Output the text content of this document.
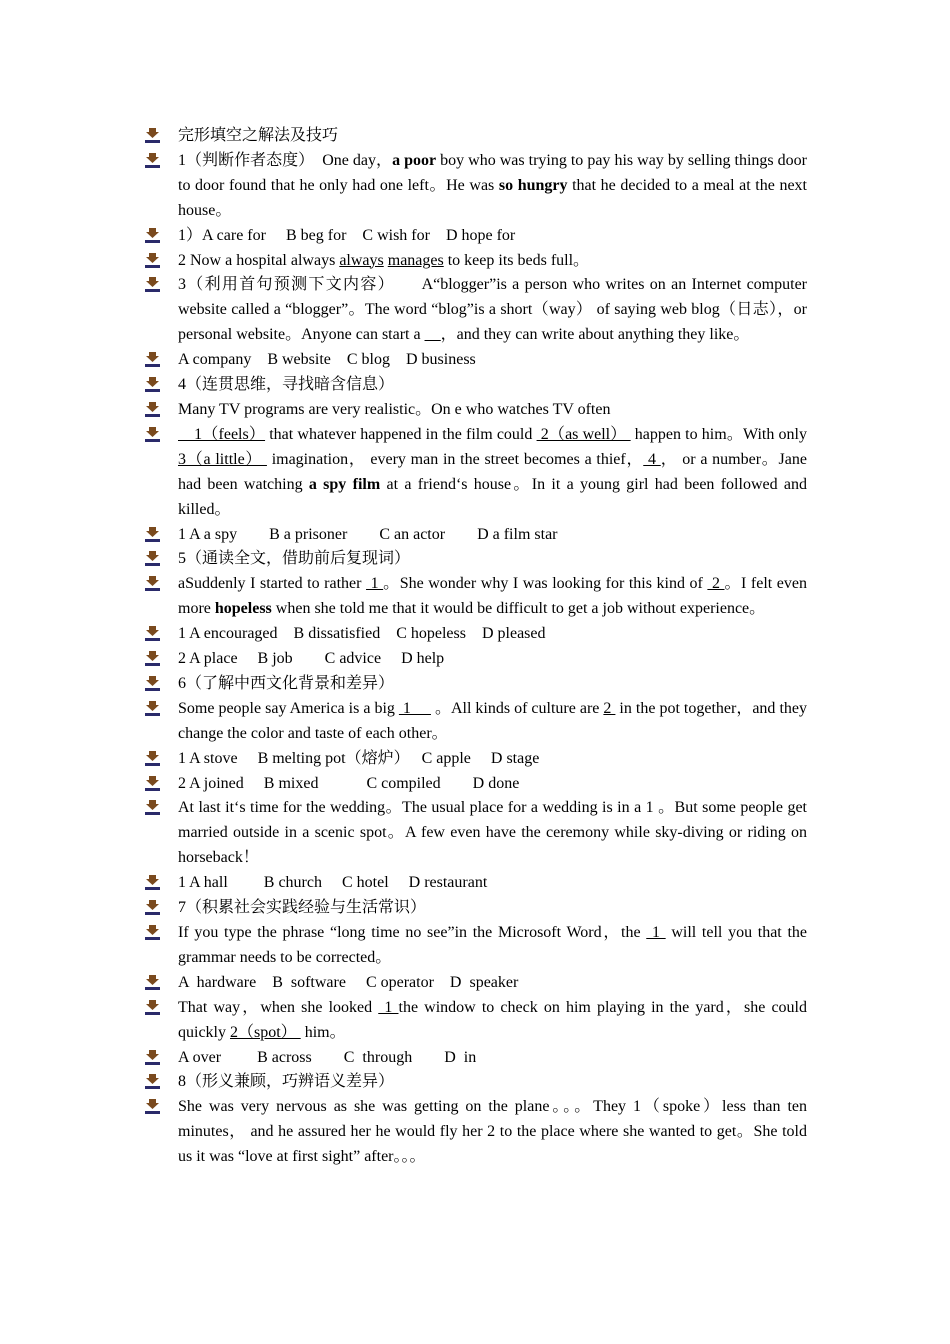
完形填空之解法及技巧
1（判断作者态度）　One day，a poor boy who was trying to pay his way by selling things door to door found that he only had one left。He was so hungry that he decided to a meal at the next house。
1）A care for　 B beg for　C wish for　D hope for
2 Now a hospital always always manages to keep its beds full。
3（利用首句预测下文内容）　　A“blogger”is a person who writes on an Internet computer website called a “blogger”。The word “blog”is a short（way） of saying web blog（日志），or personal website。Anyone can start a __，and they can write about anything they like。
A company　B website　C blog　D business
4（连贯思维，寻找暗含信息）
Many TV programs are very realistic。On e who watches TV often
　1（feels） that whatever happened in the film could  2（as well）  happen to him。With only 3（a little）  imagination， every man in the street becomes a thief， 4 ， or a number。Jane had been watching a spy film at a friend‘s house。In it a young girl had been followed and killed。
1 A a spy　　B a prisoner　　C an actor　　D a film star
5（通读全文，借助前后复现词）
aSuddenly I started to rather  1 。She wonder why I was looking for this kind of  2 。I felt even more hopeless when she told me that it would be difficult to get a job without experience。
1 A encouraged　B dissatisfied　C hopeless　D pleased
2 A place　 B job　　C advice　 D help
6（了解中西文化背景和差异）
Some people say America is a big  1 　 。All kinds of culture are 2  in the pot together，and they change the color and taste of each other。
1 A stove　 B melting pot（熔炉）　 C apple　 D stage
2 A joined　 B mixed　　　C compiled　　D done
At last it‘s time for the wedding。The usual place for a wedding is in a 1 。But some people get married outside in a scenic spot。A few even have the ceremony while sky-diving or riding on horseback！
1 A hall　　 B church　 C hotel　 D restaurant
7（积累社会实践经验与生活常识）
If you type the phrase “long time no see”in the Microsoft Word，the  1  will tell you that the grammar needs to be corrected。
A  hardware　B  software　 C operator　D  speaker
That way，when she looked  1 the window to check on him playing in the yard，she could quickly 2（spot）  him。
A over　　 B across　　C  through　　D  in
8（形义兼顾，巧辨语义差异）
She was very nervous as she was getting on the plane。。。They 1（spoke）less than ten minutes， and he assured her he would fly her 2 to the place where she wanted to get。She told us it was “love at first sight” after。。。
